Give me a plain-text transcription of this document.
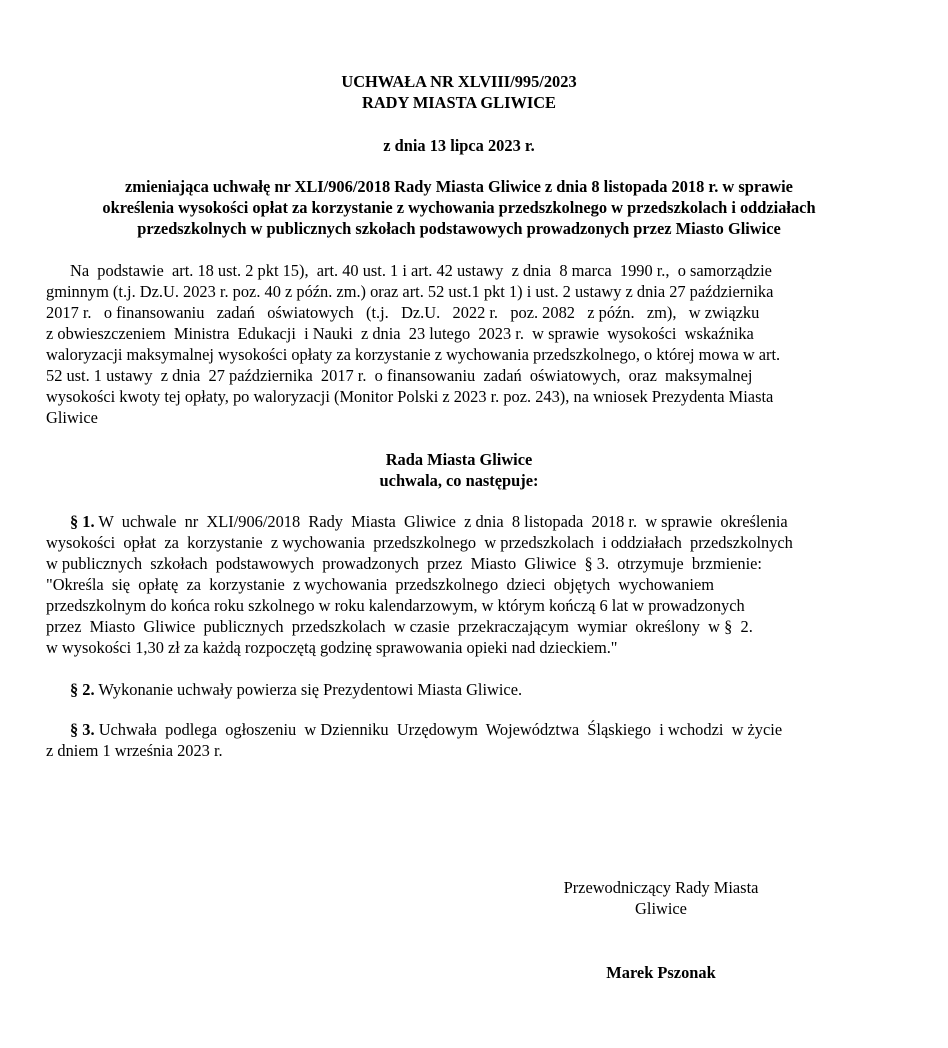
UCHWAŁA NR XLVIII/995/2023
RADY MIASTA GLIWICE
z dnia 13 lipca 2023 r.
zmieniająca uchwałę nr XLI/906/2018 Rady Miasta Gliwice z dnia 8 listopada 2018 r. w sprawie
określenia wysokości opłat za korzystanie z wychowania przedszkolnego w przedszkolach i oddziałach
przedszkolnych w publicznych szkołach podstawowych prowadzonych przez Miasto Gliwice
Na  podstawie  art. 18 ust. 2 pkt 15),  art. 40 ust. 1 i art. 42 ustawy  z dnia  8 marca  1990 r.,  o samorządzie
gminnym (t.j. Dz.U. 2023 r. poz. 40 z późn. zm.) oraz art. 52 ust.1 pkt 1) i ust. 2 ustawy z dnia 27 października
2017 r.   o finansowaniu   zadań   oświatowych   (t.j.   Dz.U.   2022 r.   poz. 2082   z późn.   zm),   w związku
z obwieszczeniem  Ministra  Edukacji  i Nauki  z dnia  23 lutego  2023 r.  w sprawie  wysokości  wskaźnika
waloryzacji maksymalnej wysokości opłaty za korzystanie z wychowania przedszkolnego, o której mowa w art.
52 ust. 1 ustawy  z dnia  27 października  2017 r.  o finansowaniu  zadań  oświatowych,  oraz  maksymalnej
wysokości kwoty tej opłaty, po waloryzacji (Monitor Polski z 2023 r. poz. 243), na wniosek Prezydenta Miasta
Gliwice
Rada Miasta Gliwice
uchwala, co następuje:
§ 1. W  uchwale  nr  XLI/906/2018  Rady  Miasta  Gliwice  z dnia  8 listopada  2018 r.  w sprawie  określenia
wysokości  opłat  za  korzystanie  z wychowania  przedszkolnego  w przedszkolach  i oddziałach  przedszkolnych
w publicznych  szkołach  podstawowych  prowadzonych  przez  Miasto  Gliwice  § 3.  otrzymuje  brzmienie:
"Określa  się  opłatę  za  korzystanie  z wychowania  przedszkolnego  dzieci  objętych  wychowaniem
przedszkolnym do końca roku szkolnego w roku kalendarzowym, w którym kończą 6 lat w prowadzonych
przez  Miasto  Gliwice  publicznych  przedszkolach  w czasie  przekraczającym  wymiar  określony  w §  2.
w wysokości 1,30 zł za każdą rozpoczętą godzinę sprawowania opieki nad dzieckiem."
§ 2. Wykonanie uchwały powierza się Prezydentowi Miasta Gliwice.
§ 3. Uchwała  podlega  ogłoszeniu  w Dzienniku  Urzędowym  Województwa  Śląskiego  i wchodzi  w życie
z dniem 1 września 2023 r.
Przewodniczący Rady Miasta
Gliwice
Marek Pszonak
